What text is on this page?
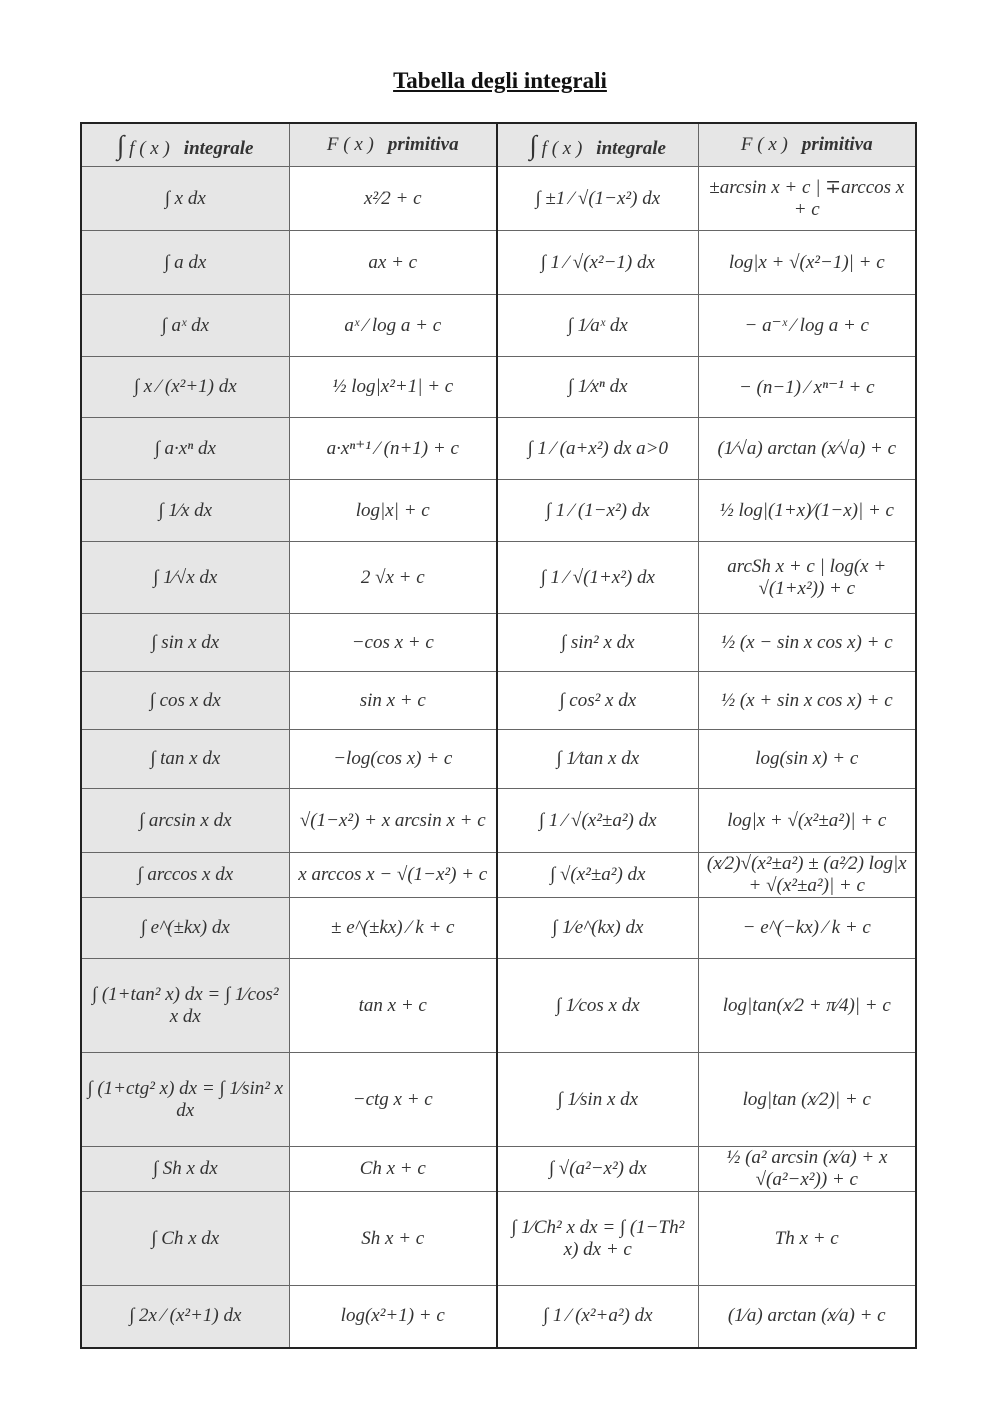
Tabella degli integrali
∫ f ( x ) integrale	F ( x ) primitiva	∫ f ( x ) integrale	F ( x ) primitiva
∫ x dx	x²⁄2 + c	∫ ±1 ⁄ √(1−x²) dx	±arcsin x + c | ∓arccos x + c
∫ a dx	ax + c	∫ 1 ⁄ √(x²−1) dx	log|x + √(x²−1)| + c
∫ aˣ dx	aˣ ⁄ log a + c	∫ 1⁄aˣ dx	− a⁻ˣ ⁄ log a + c
∫ x ⁄ (x²+1) dx	½ log|x²+1| + c	∫ 1⁄xⁿ dx	− (n−1) ⁄ xⁿ⁻¹ + c
∫ a·xⁿ dx	a·xⁿ⁺¹ ⁄ (n+1) + c	∫ 1 ⁄ (a+x²) dx a>0	(1⁄√a) arctan (x⁄√a) + c
∫ 1⁄x dx	log|x| + c	∫ 1 ⁄ (1−x²) dx	½ log|(1+x)⁄(1−x)| + c
∫ 1⁄√x dx	2 √x + c	∫ 1 ⁄ √(1+x²) dx	arcSh x + c | log(x + √(1+x²)) + c
∫ sin x dx	−cos x + c	∫ sin² x dx	½ (x − sin x cos x) + c
∫ cos x dx	sin x + c	∫ cos² x dx	½ (x + sin x cos x) + c
∫ tan x dx	−log(cos x) + c	∫ 1⁄tan x dx	log(sin x) + c
∫ arcsin x dx	√(1−x²) + x arcsin x + c	∫ 1 ⁄ √(x²±a²) dx	log|x + √(x²±a²)| + c
∫ arccos x dx	x arccos x − √(1−x²) + c	∫ √(x²±a²) dx	(x⁄2)√(x²±a²) ± (a²⁄2) log|x + √(x²±a²)| + c
∫ e^(±kx) dx	± e^(±kx) ⁄ k + c	∫ 1⁄e^(kx) dx	− e^(−kx) ⁄ k + c
∫ (1+tan² x) dx = ∫ 1⁄cos² x dx	tan x + c	∫ 1⁄cos x dx	log|tan(x⁄2 + π⁄4)| + c
∫ (1+ctg² x) dx = ∫ 1⁄sin² x dx	−ctg x + c	∫ 1⁄sin x dx	log|tan (x⁄2)| + c
∫ Sh x dx	Ch x + c	∫ √(a²−x²) dx	½ (a² arcsin (x⁄a) + x √(a²−x²)) + c
∫ Ch x dx	Sh x + c	∫ 1⁄Ch² x dx = ∫ (1−Th² x) dx + c	Th x + c
∫ 2x ⁄ (x²+1) dx	log(x²+1) + c	∫ 1 ⁄ (x²+a²) dx	(1⁄a) arctan (x⁄a) + c
